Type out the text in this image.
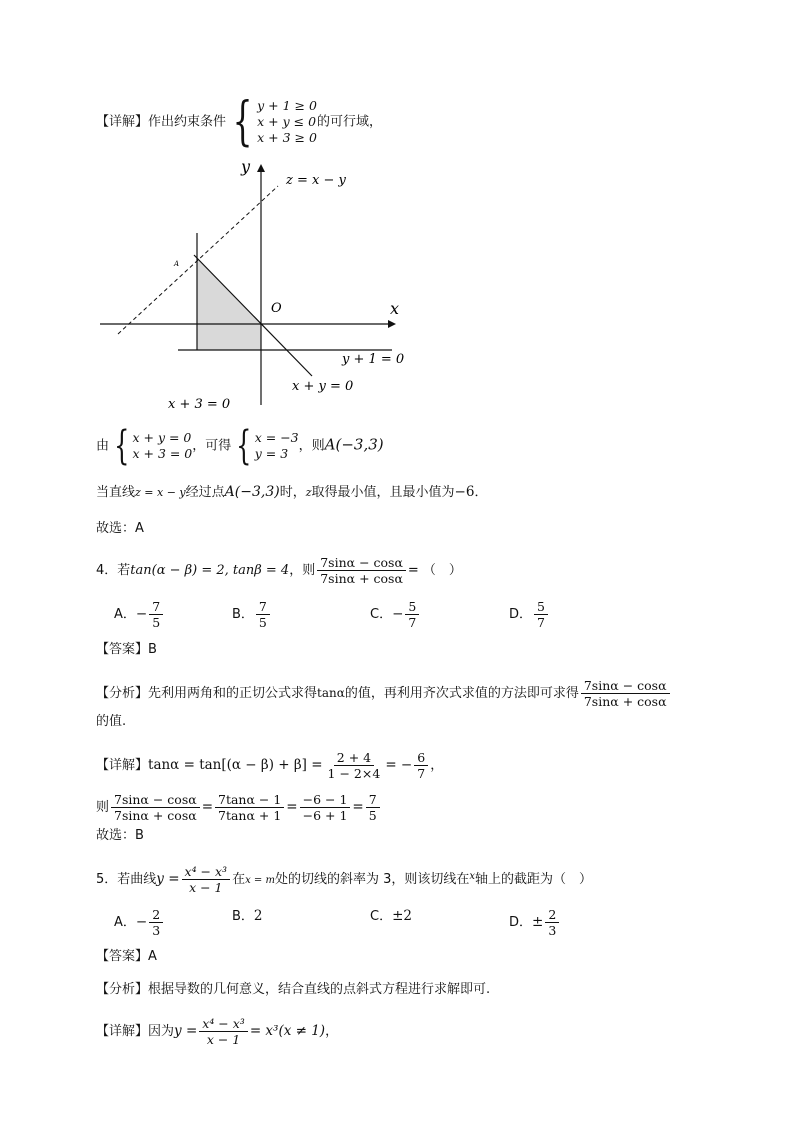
【详解】作出约束条件 { y + 1 ≥ 0
x + y ≤ 0
x + 3 ≥ 0
的可行域，
y
x
O
A
z = x − y
y + 1 = 0
x + y = 0
x + 3 = 0
由 { x + y = 0
x + 3 = 0 ，可得 { x = −3
y = 3 ，则A(−3,3)
当直线z = x − y经过点A(−3,3)时，z取得最小值，且最小值为−6．
故选：A
4．若tan(α − β) = 2, tanβ = 4，则 $\frac{7\sin\alpha - \cos\alpha}{7\sin\alpha + \cos\alpha}$ = （　）
A．− $\frac{7}{5}$	B． $\frac{7}{5}$	C．− $\frac{5}{7}$	D． $\frac{5}{7}$
【答案】B
【分析】先利用两角和的正切公式求得tanα的值，再利用齐次式求值的方法即可求得 $\frac{7\sin\alpha - \cos\alpha}{7\sin\alpha + \cos\alpha}$
的值.
【详解】$\tan\alpha = \tan[(\alpha - \beta) + \beta] = \frac{2 + 4}{1 - 2\times 4}$ = − $\frac{6}{7}$ ，
则 $\frac{7\sin\alpha - \cos\alpha}{7\sin\alpha + \cos\alpha} = \frac{7\tan\alpha - 1}{7\tan\alpha + 1} = \frac{-6 - 1}{-6 + 1} = \frac{7}{5}$
故选：B
5．若曲线$y = \frac{\text{x⁴ − x³}}{x - 1}$ 在x = m处的切线的斜率为 3，则该切线在$^x$轴上的截距为（　）
A．− $\frac{2}{3}$	B．2	C．±2	D．± $\frac{2}{3}$
【答案】A
【分析】根据导数的几何意义，结合直线的点斜式方程进行求解即可.
【详解】因为$y = \frac{\text{x⁴ − x³}}{x - 1} = x^3(x \ne 1)$，
